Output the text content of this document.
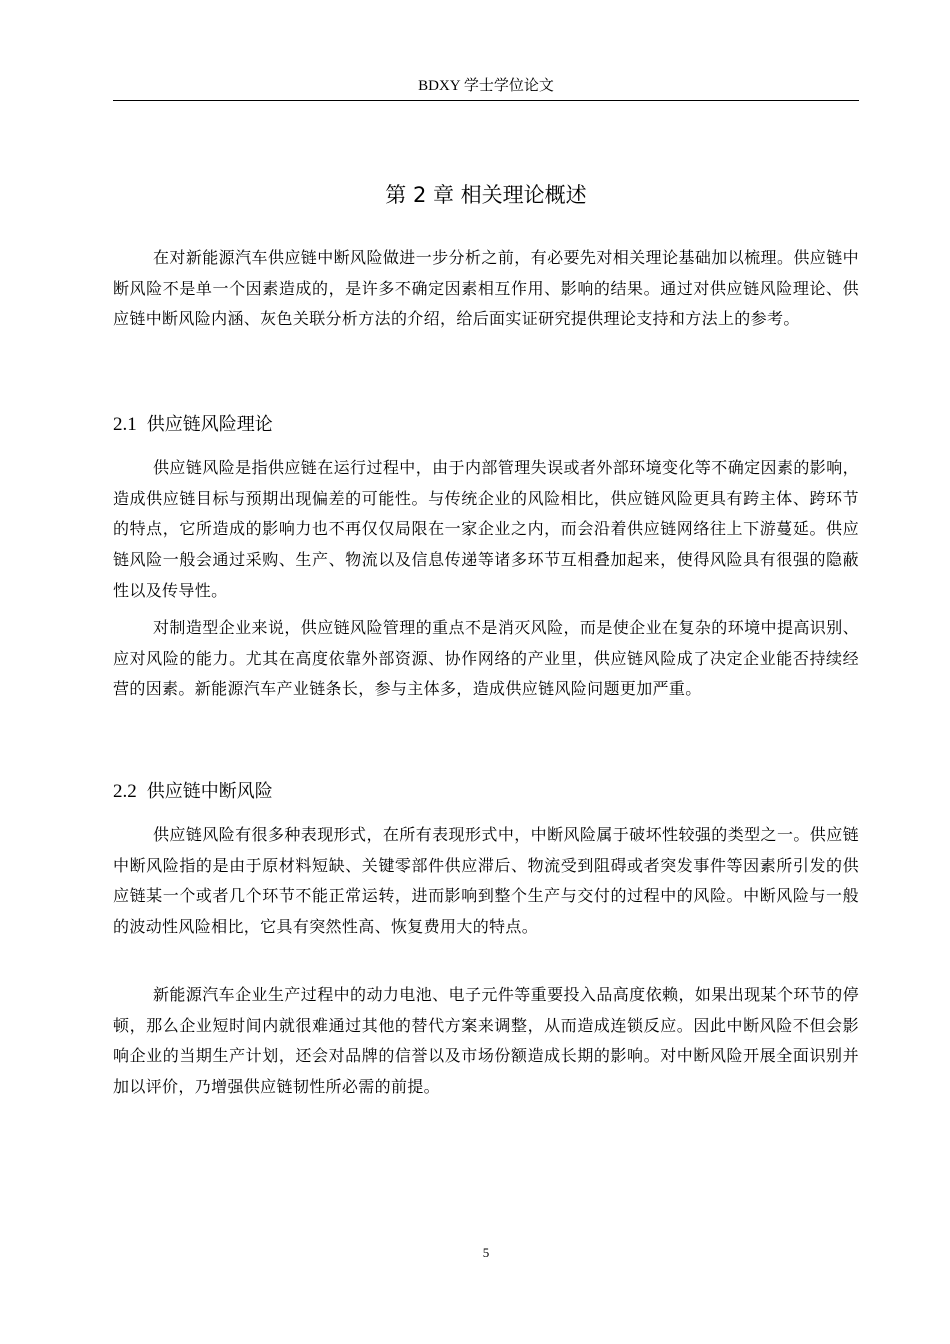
BDXY 学士学位论文
第 2 章 相关理论概述

在对新能源汽车供应链中断风险做进一步分析之前，有必要先对相关理论基础加以梳理。供应链中断风险不是单一个因素造成的，是许多不确定因素相互作用、影响的结果。通过对供应链风险理论、供应链中断风险内涵、灰色关联分析方法的介绍，给后面实证研究提供理论支持和方法上的参考。

2.1 供应链风险理论

供应链风险是指供应链在运行过程中，由于内部管理失误或者外部环境变化等不确定因素的影响，造成供应链目标与预期出现偏差的可能性。与传统企业的风险相比，供应链风险更具有跨主体、跨环节的特点，它所造成的影响力也不再仅仅局限在一家企业之内，而会沿着供应链网络往上下游蔓延。供应链风险一般会通过采购、生产、物流以及信息传递等诸多环节互相叠加起来，使得风险具有很强的隐蔽性以及传导性。

对制造型企业来说，供应链风险管理的重点不是消灭风险，而是使企业在复杂的环境中提高识别、应对风险的能力。尤其在高度依靠外部资源、协作网络的产业里，供应链风险成了决定企业能否持续经营的因素。新能源汽车产业链条长，参与主体多，造成供应链风险问题更加严重。

2.2 供应链中断风险

供应链风险有很多种表现形式，在所有表现形式中，中断风险属于破坏性较强的类型之一。供应链中断风险指的是由于原材料短缺、关键零部件供应滞后、物流受到阻碍或者突发事件等因素所引发的供应链某一个或者几个环节不能正常运转，进而影响到整个生产与交付的过程中的风险。中断风险与一般的波动性风险相比，它具有突然性高、恢复费用大的特点。

新能源汽车企业生产过程中的动力电池、电子元件等重要投入品高度依赖，如果出现某个环节的停顿，那么企业短时间内就很难通过其他的替代方案来调整，从而造成连锁反应。因此中断风险不但会影响企业的当期生产计划，还会对品牌的信誉以及市场份额造成长期的影响。对中断风险开展全面识别并加以评价，乃增强供应链韧性所必需的前提。

5
